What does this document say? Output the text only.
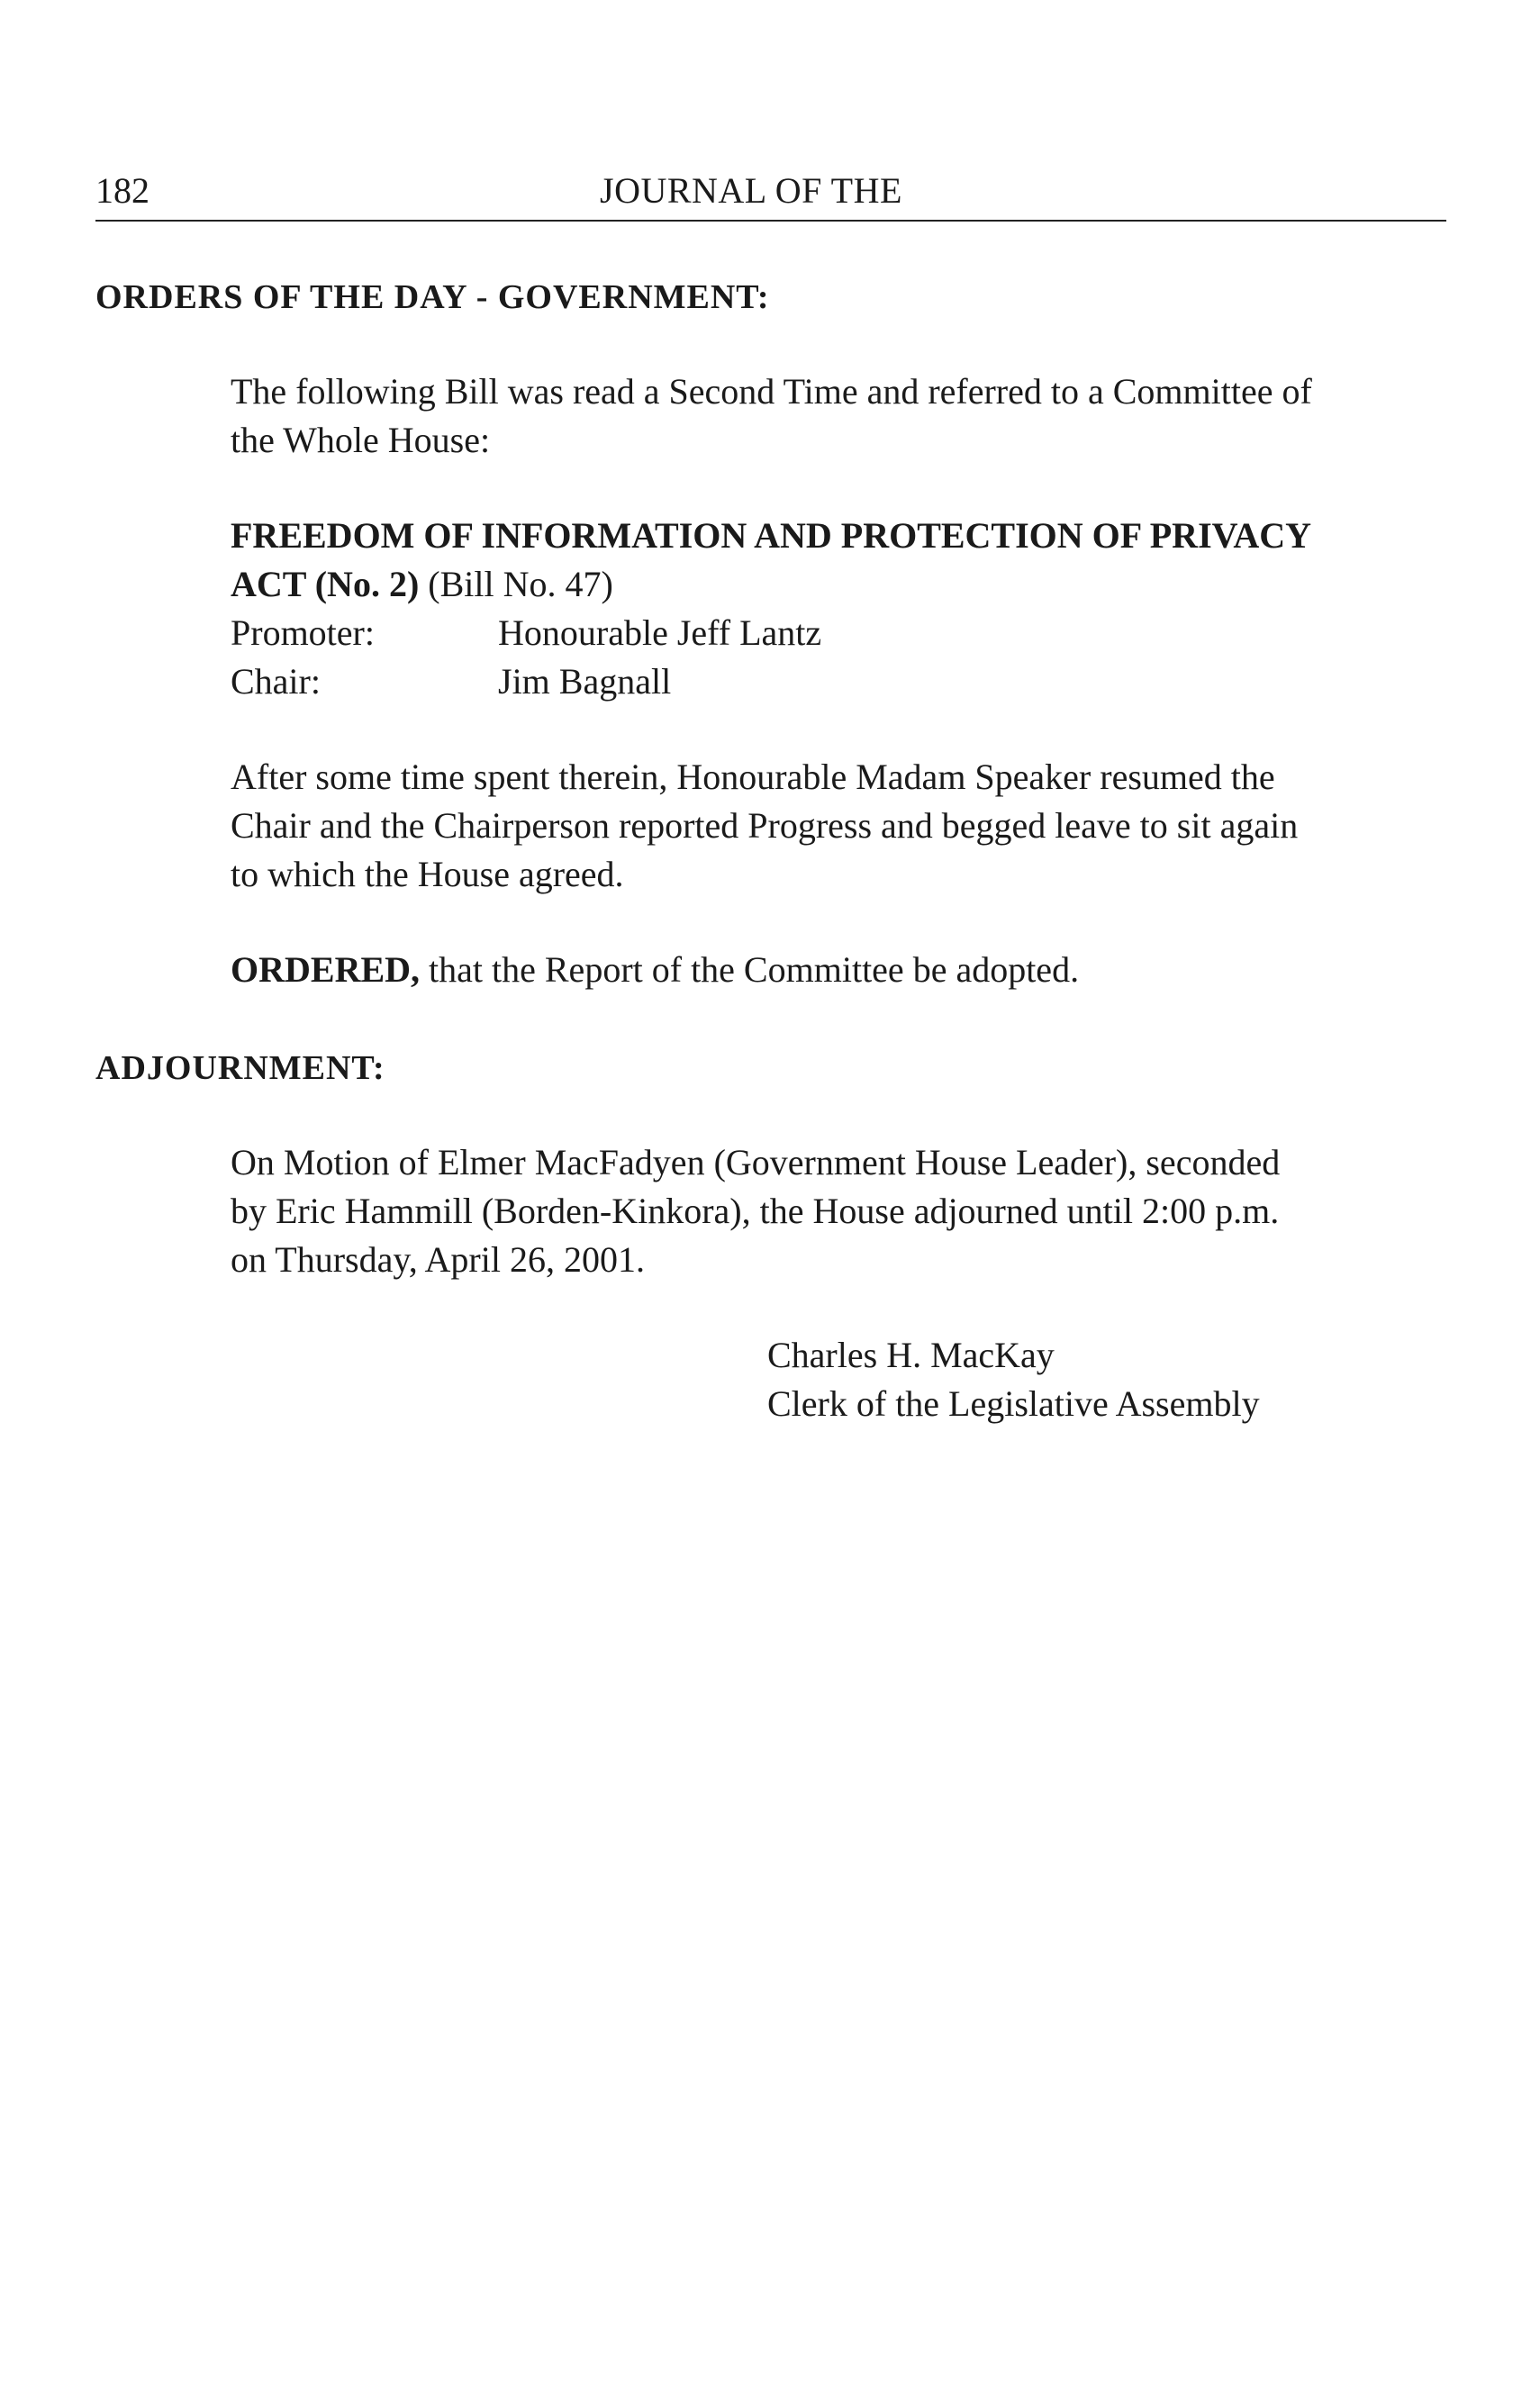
182	JOURNAL OF THE
ORDERS OF THE DAY - GOVERNMENT:
The following Bill was read a Second Time and referred to a Committee of
the Whole House:
FREEDOM OF INFORMATION AND PROTECTION OF PRIVACY
ACT (No. 2) (Bill No. 47)
Promoter:	Honourable Jeff Lantz
Chair:	Jim Bagnall
After some time spent therein, Honourable Madam Speaker resumed the
Chair and the Chairperson reported Progress and begged leave to sit again
to which the House agreed.
ORDERED, that the Report of the Committee be adopted.
ADJOURNMENT:
On Motion of Elmer MacFadyen (Government House Leader), seconded
by Eric Hammill (Borden-Kinkora), the House adjourned until 2:00 p.m.
on Thursday, April 26, 2001.
Charles H. MacKay
Clerk of the Legislative Assembly
